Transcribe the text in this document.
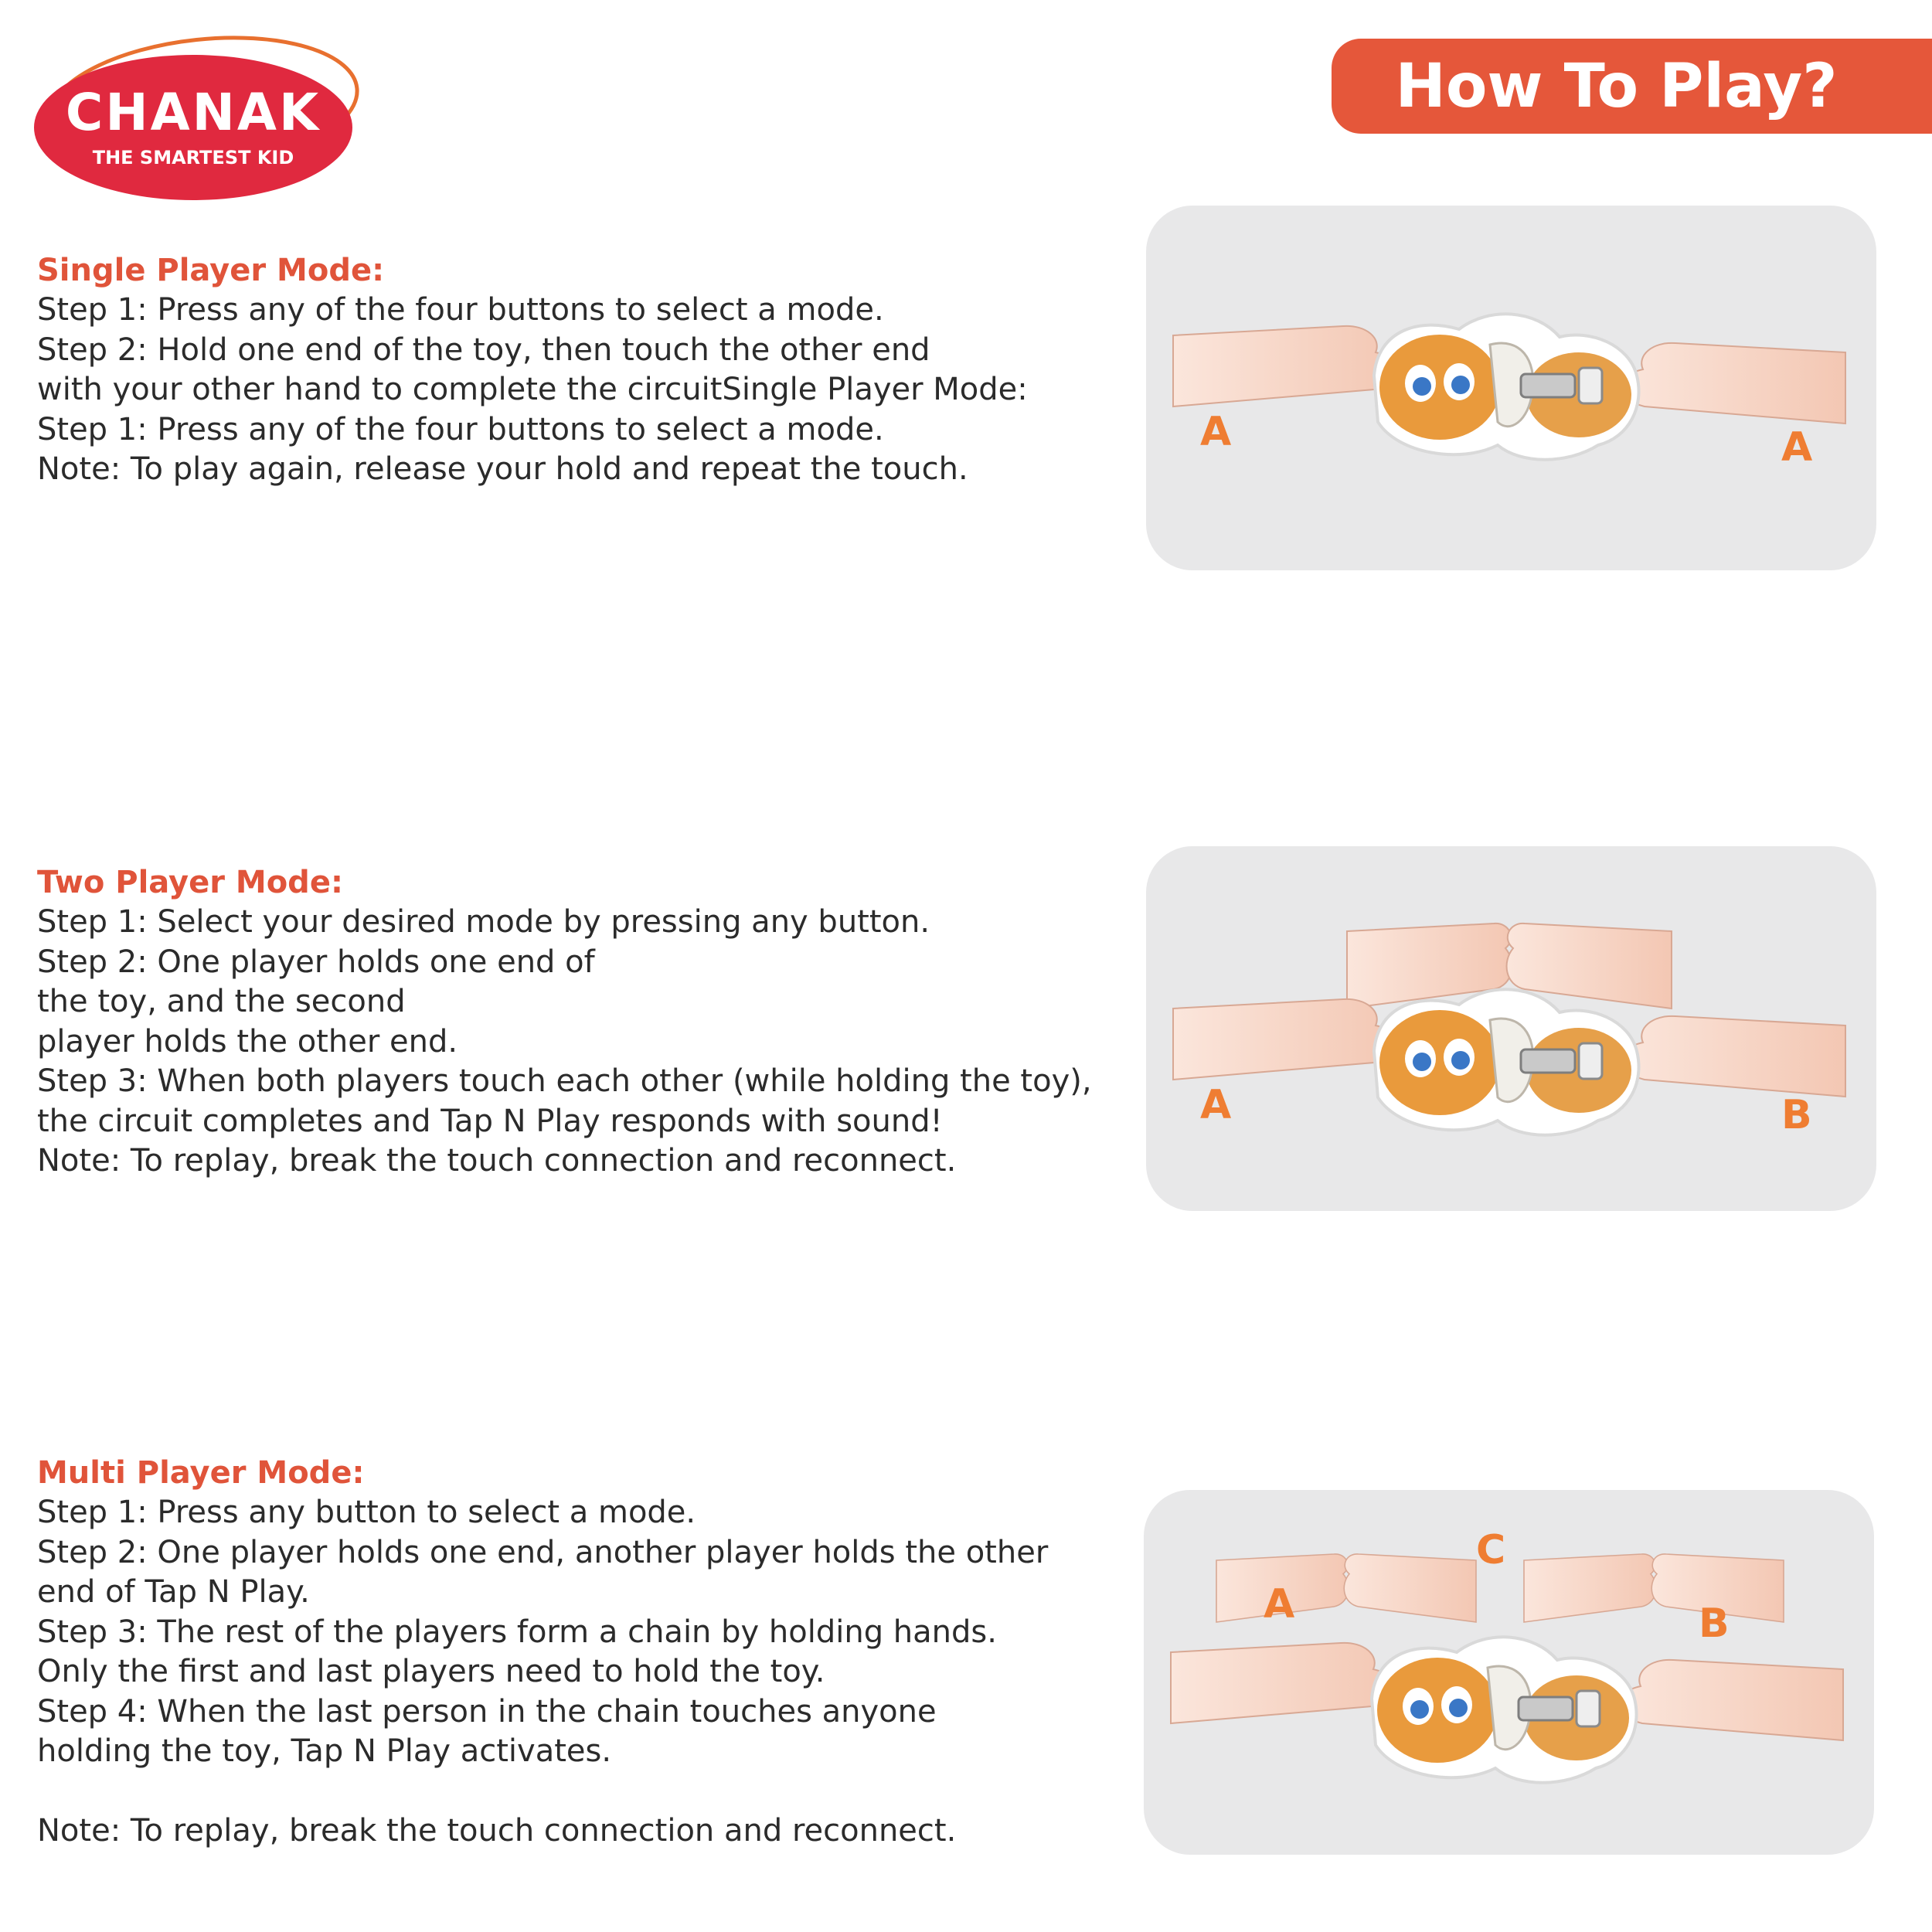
CHANAK
THE SMARTEST KID
How To Play?
Single Player Mode:

Step 1: Press any of the four buttons to select a mode.

Step 2: Hold one end of the toy, then touch the other end

with your other hand to complete the circuitSingle Player Mode:

Step 1: Press any of the four buttons to select a mode.

Note: To play again, release your hold and repeat the touch.

Two Player Mode:

Step 1: Select your desired mode by pressing any button.

Step 2: One player holds one end of

the toy, and the second

player holds the other end.

Step 3: When both players touch each other (while holding the toy),

the circuit completes and Tap N Play responds with sound!

Note: To replay, break the touch connection and reconnect.

Multi Player Mode:

Step 1: Press any button to select a mode.

Step 2: One player holds one end, another player holds the other

end of Tap N Play.

Step 3: The rest of the players form a chain by holding hands.

Only the first and last players need to hold the toy.

Step 4: When the last person in the chain touches anyone

holding the toy, Tap N Play activates.

Note: To replay, break the touch connection and reconnect.

A	A
A	B
A
C
B
